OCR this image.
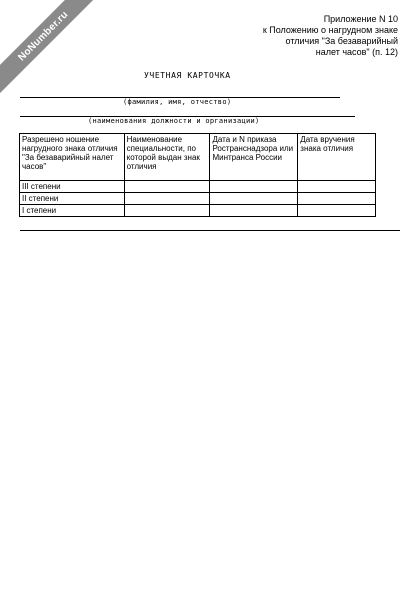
NoNumber.ru	Приложение N 10
к Положению о нагрудном знаке
отличия "За безаварийный
налет часов" (п. 12)
УЧЕТНАЯ КАРТОЧКА
(фамилия, имя, отчество)
(наименования должности и организации)
Разрешено ношение нагрудного знака отличия "За безаварийный налет часов"	Наименование специальности, по которой выдан знак отличия	Дата и N приказа Ространснадзора или Минтранса России	Дата вручения знака отличия
III степени			
II степени			
I степени			
